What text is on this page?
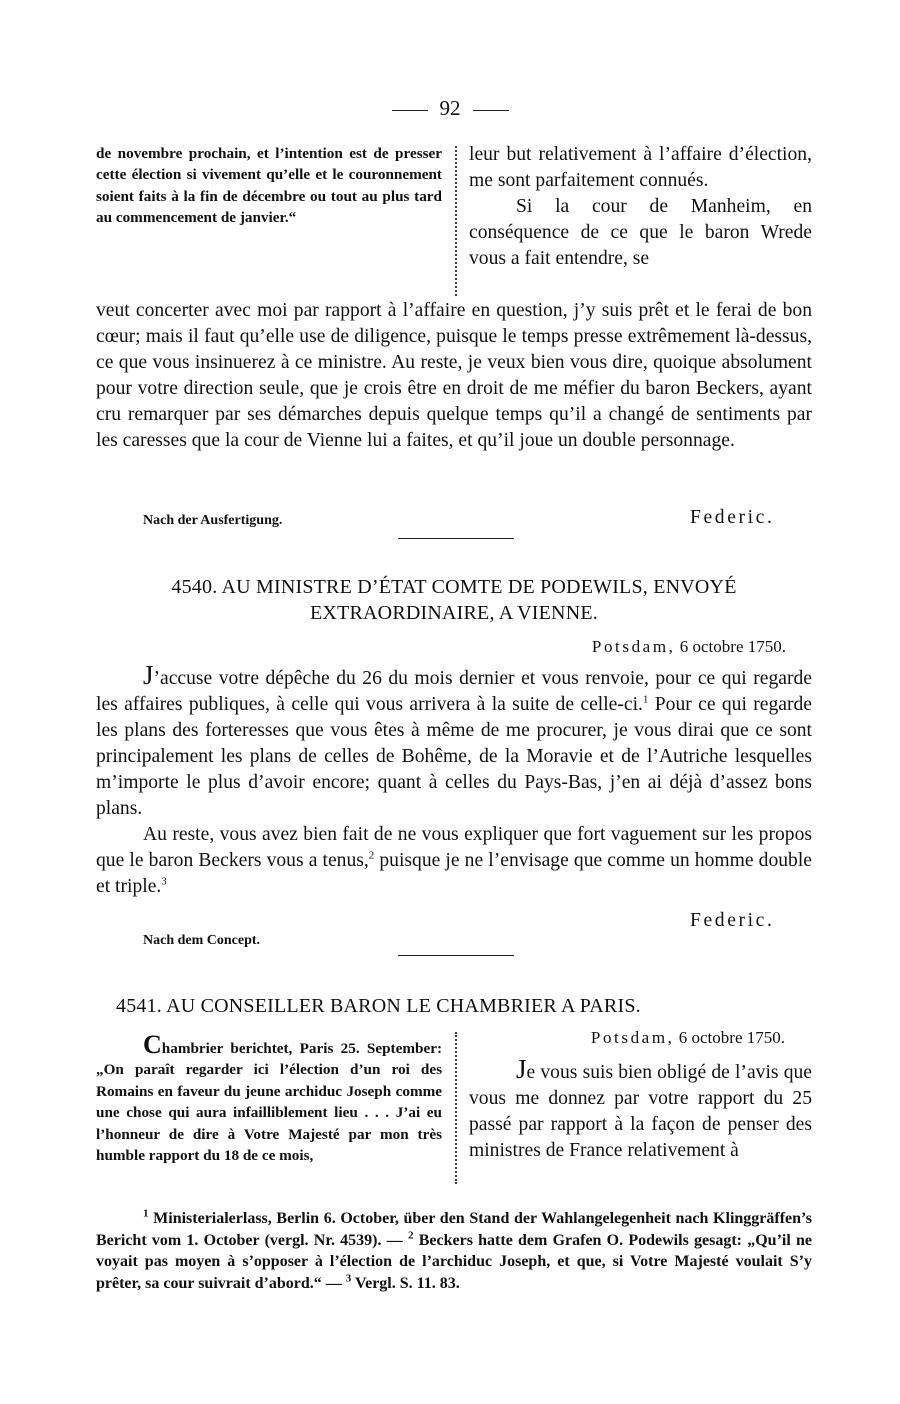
92

de novembre prochain, et l’intention est de presser cette élection si vivement qu’elle et le couronnement soient faits à la fin de décembre ou tout au plus tard au commencement de janvier.“

leur but relativement à l’affaire d’élection, me sont parfaitement connués.

Si la cour de Manheim, en conséquence de ce que le baron Wrede vous a fait entendre, se

veut concerter avec moi par rapport à l’affaire en question, j’y suis prêt et le ferai de bon cœur; mais il faut qu’elle use de diligence, puisque le temps presse extrêmement là-dessus, ce que vous insinuerez à ce ministre. Au reste, je veux bien vous dire, quoique absolument pour votre direction seule, que je crois être en droit de me méfier du baron Beckers, ayant cru remarquer par ses démarches depuis quelque temps qu’il a changé de sentiments par les caresses que la cour de Vienne lui a faites, et qu’il joue un double personnage.

Nach der Ausfertigung.	Federic.
4540. AU MINISTRE D’ÉTAT COMTE DE PODEWILS, ENVOYÉ EXTRAORDINAIRE, A VIENNE.
Potsdam, 6 octobre 1750.

J’accuse votre dépêche du 26 du mois dernier et vous renvoie, pour ce qui regarde les affaires publiques, à celle qui vous arrivera à la suite de celle-ci.$^1$ Pour ce qui regarde les plans des forteresses que vous êtes à même de me procurer, je vous dirai que ce sont principalement les plans de celles de Bohême, de la Moravie et de l’Autriche lesquelles m’importe le plus d’avoir encore; quant à celles du Pays-Bas, j’en ai déjà d’assez bons plans.

Au reste, vous avez bien fait de ne vous expliquer que fort vaguement sur les propos que le baron Beckers vous a tenus,$^2$ puisque je ne l’envisage que comme un homme double et triple.$^3$

Federic.
Nach dem Concept.
4541. AU CONSEILLER BARON LE CHAMBRIER A PARIS.

Chambrier berichtet, Paris 25. September: „On paraît regarder ici l’élection d’un roi des Romains en faveur du jeune archiduc Joseph comme une chose qui aura infailliblement lieu . . . J’ai eu l’honneur de dire à Votre Majesté par mon très humble rapport du 18 de ce mois,

Potsdam, 6 octobre 1750.

Je vous suis bien obligé de l’avis que vous me donnez par votre rapport du 25 passé par rapport à la façon de penser des ministres de France relativement à

$^1$ Ministerialerlass, Berlin 6. October, über den Stand der Wahlangelegenheit nach Klinggräffen’s Bericht vom 1. October (vergl. Nr. 4539). — $^2$ Beckers hatte dem Grafen O. Podewils gesagt: „Qu’il ne voyait pas moyen à s’opposer à l’élection de l’archiduc Joseph, et que, si Votre Majesté voulait S’y prêter, sa cour suivrait d’abord.“ — $^3$ Vergl. S. 11. 83.
